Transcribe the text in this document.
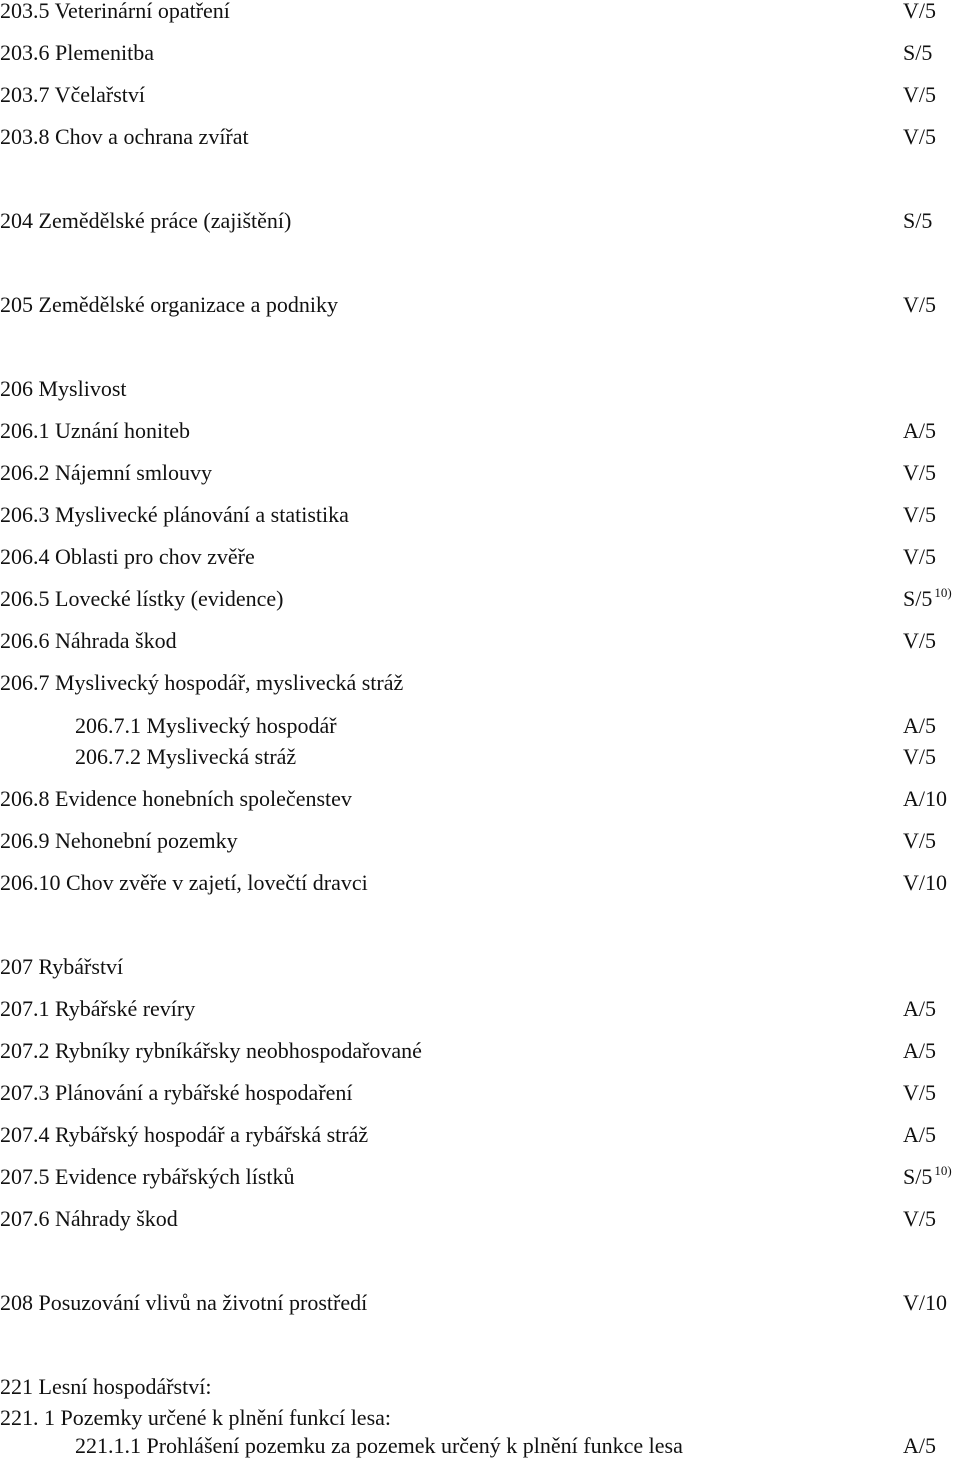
203.5 Veterinární opatření	V/5
203.6 Plemenitba	S/5
203.7 Včelařství	V/5
203.8 Chov a ochrana zvířat	V/5
204 Zemědělské práce (zajištění)	S/5
205 Zemědělské organizace a podniky	V/5
206 Myslivost
206.1 Uznání honiteb	A/5
206.2 Nájemní smlouvy	V/5
206.3 Myslivecké plánování a statistika	V/5
206.4 Oblasti pro chov zvěře	V/5
206.5 Lovecké lístky (evidence)	S/5 $^{10)}$
206.6 Náhrada škod	V/5
206.7 Myslivecký hospodář, myslivecká stráž
206.7.1 Myslivecký hospodář	A/5
206.7.2 Myslivecká stráž	V/5
206.8 Evidence honebních společenstev	A/10
206.9 Nehonební pozemky	V/5
206.10 Chov zvěře v zajetí, lovečtí dravci	V/10
207 Rybářství
207.1 Rybářské revíry	A/5
207.2 Rybníky rybníkářsky neobhospodařované	A/5
207.3 Plánování a rybářské hospodaření	V/5
207.4 Rybářský hospodář a rybářská stráž	A/5
207.5 Evidence rybářských lístků	S/5 $^{10)}$
207.6 Náhrady škod	V/5
208 Posuzování vlivů na životní prostředí	V/10
221 Lesní hospodářství:
221. 1 Pozemky určené k plnění funkcí lesa:
221.1.1 Prohlášení pozemku za pozemek určený k plnění funkce lesa	A/5
